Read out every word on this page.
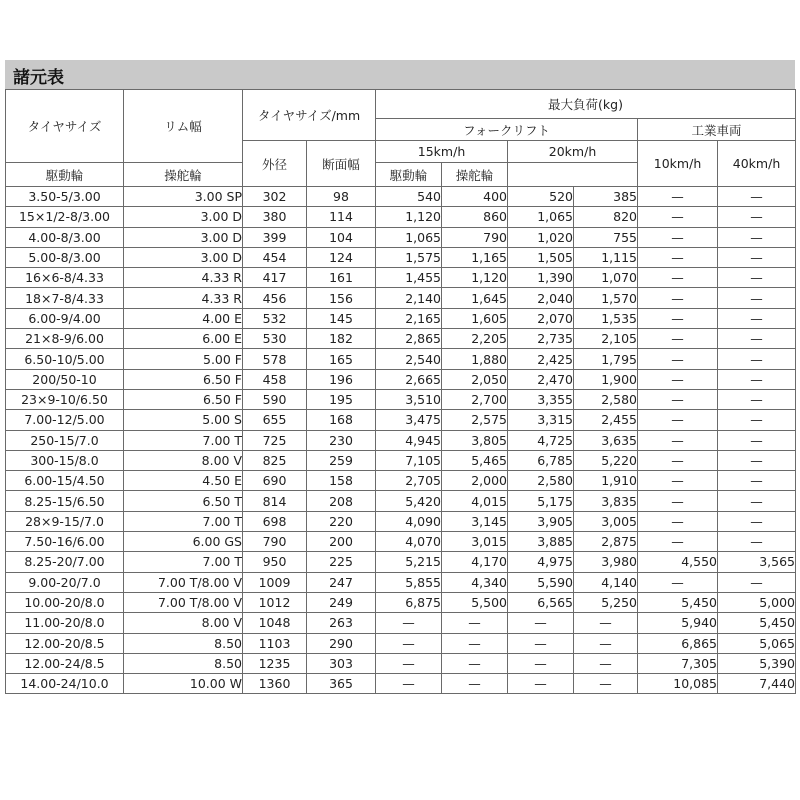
諸元表
タイヤサイズ	リム幅	タイヤサイズ/mm		最大負荷(kg)					
				フォークリフト				工業車両	
		外径	断面幅	15km/h		20km/h		10km/h	40km/h
駆動輪	操舵輪			駆動輪	操舵輪				
3.50-5/3.00	3.00 SP	302	98	540	400	520	385	—	—
15×1/2-8/3.00	3.00 D	380	114	1,120	860	1,065	820	—	—
4.00-8/3.00	3.00 D	399	104	1,065	790	1,020	755	—	—
5.00-8/3.00	3.00 D	454	124	1,575	1,165	1,505	1,115	—	—
16×6-8/4.33	4.33 R	417	161	1,455	1,120	1,390	1,070	—	—
18×7-8/4.33	4.33 R	456	156	2,140	1,645	2,040	1,570	—	—
6.00-9/4.00	4.00 E	532	145	2,165	1,605	2,070	1,535	—	—
21×8-9/6.00	6.00 E	530	182	2,865	2,205	2,735	2,105	—	—
6.50-10/5.00	5.00 F	578	165	2,540	1,880	2,425	1,795	—	—
200/50-10	6.50 F	458	196	2,665	2,050	2,470	1,900	—	—
23×9-10/6.50	6.50 F	590	195	3,510	2,700	3,355	2,580	—	—
7.00-12/5.00	5.00 S	655	168	3,475	2,575	3,315	2,455	—	—
250-15/7.0	7.00 T	725	230	4,945	3,805	4,725	3,635	—	—
300-15/8.0	8.00 V	825	259	7,105	5,465	6,785	5,220	—	—
6.00-15/4.50	4.50 E	690	158	2,705	2,000	2,580	1,910	—	—
8.25-15/6.50	6.50 T	814	208	5,420	4,015	5,175	3,835	—	—
28×9-15/7.0	7.00 T	698	220	4,090	3,145	3,905	3,005	—	—
7.50-16/6.00	6.00 GS	790	200	4,070	3,015	3,885	2,875	—	—
8.25-20/7.00	7.00 T	950	225	5,215	4,170	4,975	3,980	4,550	3,565
9.00-20/7.0	7.00 T/8.00 V	1009	247	5,855	4,340	5,590	4,140	—	—
10.00-20/8.0	7.00 T/8.00 V	1012	249	6,875	5,500	6,565	5,250	5,450	5,000
11.00-20/8.0	8.00 V	1048	263	—	—	—	—	5,940	5,450
12.00-20/8.5	8.50	1103	290	—	—	—	—	6,865	5,065
12.00-24/8.5	8.50	1235	303	—	—	—	—	7,305	5,390
14.00-24/10.0	10.00 W	1360	365	—	—	—	—	10,085	7,440
